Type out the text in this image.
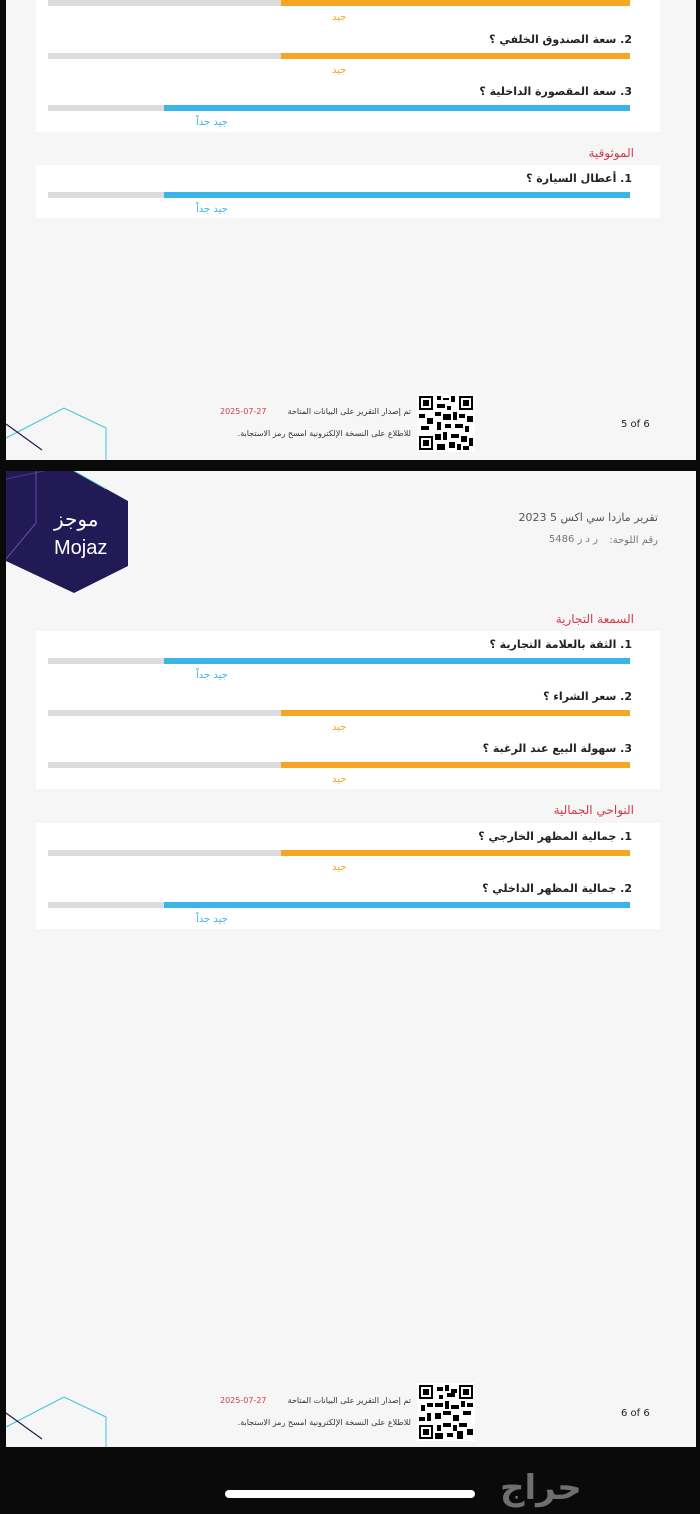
جيد
2. سعة الصندوق الخلفي ؟
جيد
3. سعة المقصورة الداخلية ؟
جيد جداً
الموثوقية
1. أعطال السيارة ؟
جيد جداً
2025-07-27	تم إصدار التقرير على البيانات المتاحة
للاطلاع على النسخة الإلكترونية امسح رمز الاستجابة.
5 of 6
موجز
Mojaz
تقرير مازدا سي اكس 5 2023
رقم اللوحة:
ر د ر 5486
السمعة التجارية
1. الثقة بالعلامة التجارية ؟
جيد جداً
2. سعر الشراء ؟
جيد
3. سهولة البيع عند الرغبة ؟
جيد
النواحي الجمالية
1. جمالية المظهر الخارجي ؟
جيد
2. جمالية المظهر الداخلي ؟
جيد جداً
2025-07-27	تم إصدار التقرير على البيانات المتاحة
للاطلاع على النسخة الإلكترونية امسح رمز الاستجابة.
6 of 6
حراج
